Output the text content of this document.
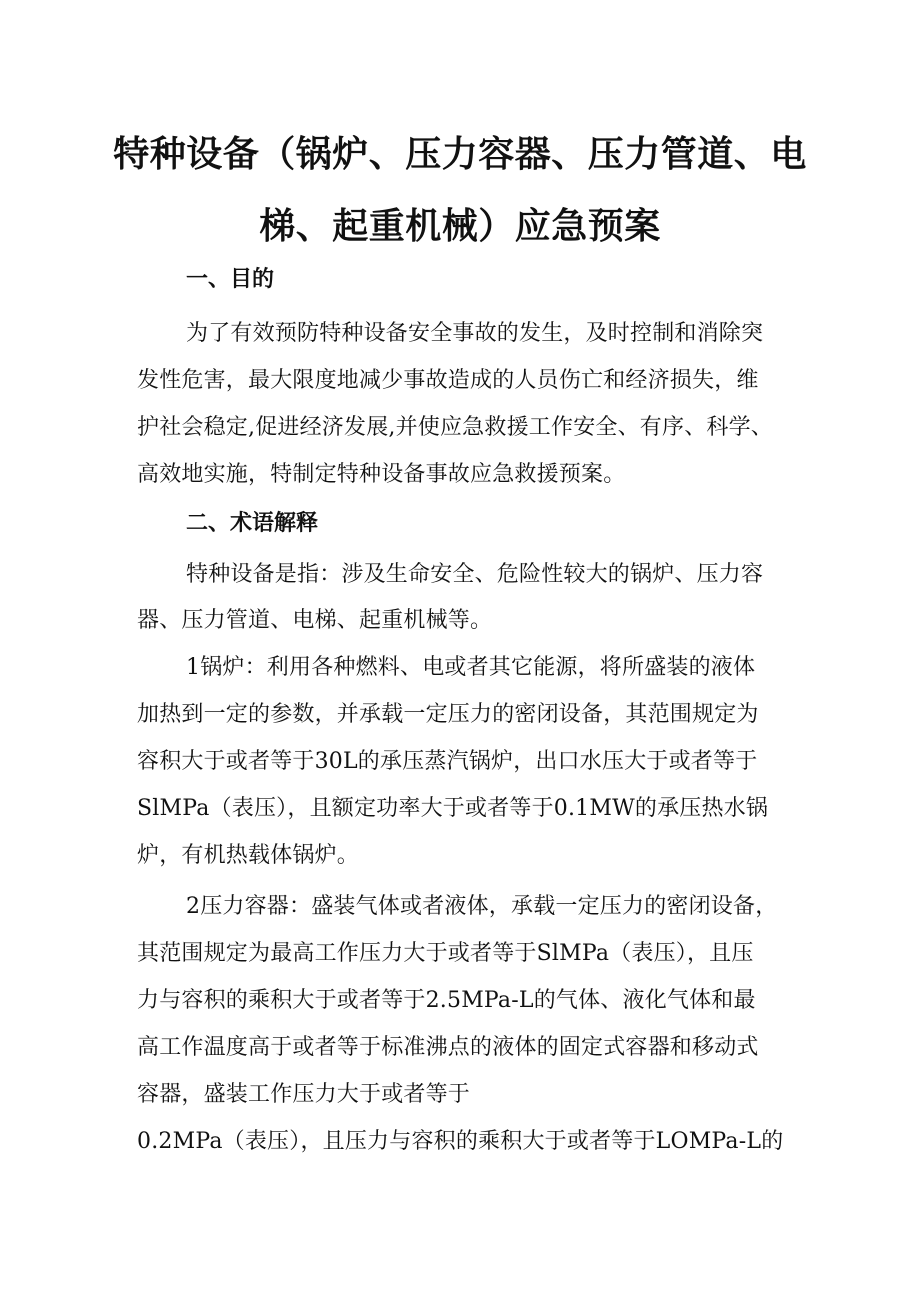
特种设备（锅炉、压力容器、压力管道、电
梯、起重机械）应急预案
一、目的

为了有效预防特种设备安全事故的发生，及时控制和消除突

发性危害，最大限度地减少事故造成的人员伤亡和经济损失，维

护社会稳定,促进经济发展,并使应急救援工作安全、有序、科学、

高效地实施，特制定特种设备事故应急救援预案。

二、术语解释

特种设备是指：涉及生命安全、危险性较大的锅炉、压力容

器、压力管道、电梯、起重机械等。

1锅炉：利用各种燃料、电或者其它能源，将所盛装的液体

加热到一定的参数，并承载一定压力的密闭设备，其范围规定为

容积大于或者等于30L的承压蒸汽锅炉，出口水压大于或者等于

SlMPa（表压），且额定功率大于或者等于0.1MW的承压热水锅

炉，有机热载体锅炉。

2压力容器：盛装气体或者液体，承载一定压力的密闭设备，

其范围规定为最高工作压力大于或者等于SlMPa（表压），且压

力与容积的乘积大于或者等于2.5MPa-L的气体、液化气体和最

高工作温度高于或者等于标准沸点的液体的固定式容器和移动式

容器，盛装工作压力大于或者等于

0.2MPa（表压），且压力与容积的乘积大于或者等于LOMPa-L的
